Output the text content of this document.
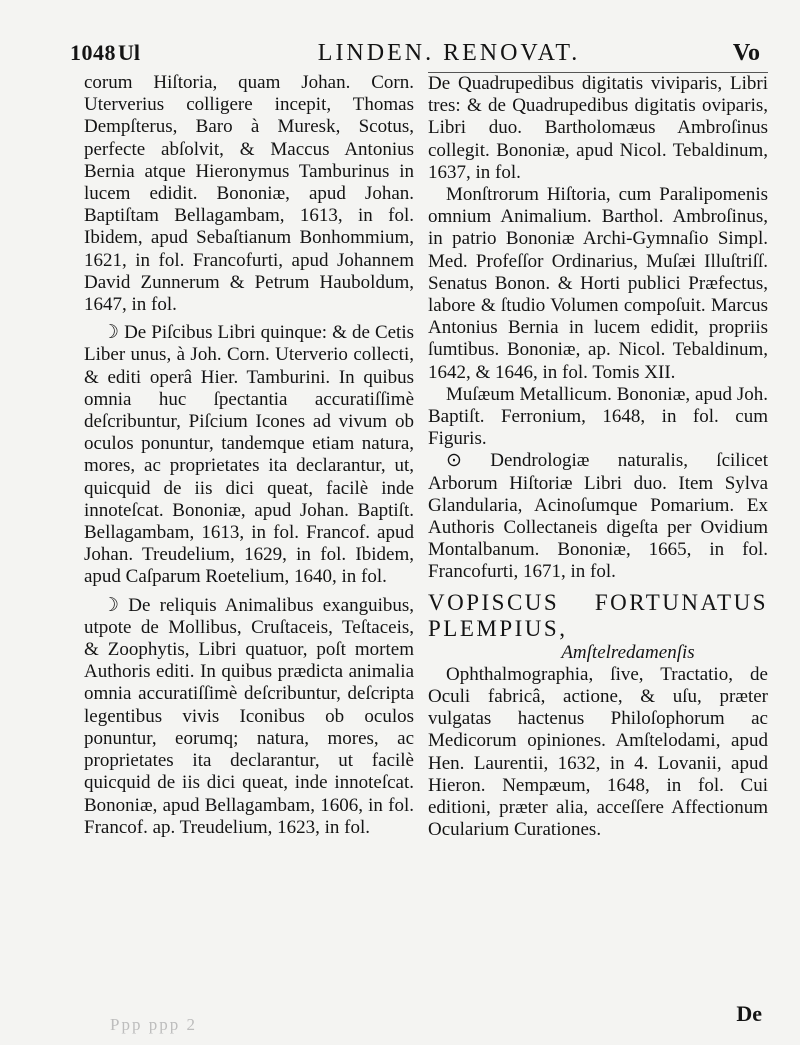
1048 Ul	LINDEN. RENOVAT.	Vo

corum Hiſtoria, quam Johan. Corn. Uterverius colligere incepit, Thomas Dempſterus, Baro à Muresk, Scotus, perfecte abſolvit, & Maccus Antonius Bernia atque Hieronymus Tamburinus in lucem edidit. Bononiæ, apud Johan. Baptiſtam Bellagambam, 1613, in fol. Ibidem, apud Sebaſtianum Bonhommium, 1621, in fol. Francofurti, apud Johannem David Zunnerum & Petrum Hauboldum, 1647, in fol.

☽ De Piſcibus Libri quinque: & de Cetis Liber unus, à Joh. Corn. Uterverio collecti, & editi operâ Hier. Tamburini. In quibus omnia huc ſpectantia accuratiſſimè deſcribuntur, Piſcium Icones ad vivum ob oculos ponuntur, tandemque etiam natura, mores, ac proprietates ita declarantur, ut, quicquid de iis dici queat, facilè inde innoteſcat. Bononiæ, apud Johan. Baptiſt. Bellagambam, 1613, in fol. Francof. apud Johan. Treudelium, 1629, in fol. Ibidem, apud Caſparum Roetelium, 1640, in fol.

☽ De reliquis Animalibus exanguibus, utpote de Mollibus, Cruſtaceis, Teſtaceis, & Zoophytis, Libri quatuor, poſt mortem Authoris editi. In quibus prædicta animalia omnia accuratiſſimè deſcribuntur, deſcripta legentibus vivis Iconibus ob oculos ponuntur, eorumq; natura, mores, ac proprietates ita declarantur, ut facilè quicquid de iis dici queat, inde innoteſcat. Bononiæ, apud Bellagambam, 1606, in fol. Francof. ap. Treudelium, 1623, in fol.

De Quadrupedibus digitatis viviparis, Libri tres: & de Quadrupedibus digitatis oviparis, Libri duo. Bartholomæus Ambroſinus collegit. Bononiæ, apud Nicol. Tebaldinum, 1637, in fol.

Monſtrorum Hiſtoria, cum Paralipomenis omnium Animalium. Barthol. Ambroſinus, in patrio Bononiæ Archi-Gymnaſio Simpl. Med. Profeſſor Ordinarius, Muſæi Illuſtriſſ. Senatus Bonon. & Horti publici Præfectus, labore & ſtudio Volumen compoſuit. Marcus Antonius Bernia in lucem edidit, propriis ſumtibus. Bononiæ, ap. Nicol. Tebaldinum, 1642, & 1646, in fol. Tomis XII.

Muſæum Metallicum. Bononiæ, apud Joh. Baptiſt. Ferronium, 1648, in fol. cum Figuris.

⊙ Dendrologiæ naturalis, ſcilicet Arborum Hiſtoriæ Libri duo. Item Sylva Glandularia, Acinoſumque Pomarium. Ex Authoris Collectaneis digeſta per Ovidium Montalbanum. Bononiæ, 1665, in fol. Francofurti, 1671, in fol.

VOPISCUS FORTUNATUS PLEMPIUS,
Amſtelredamenſis

Ophthalmographia, ſive, Tractatio, de Oculi fabricâ, actione, & uſu, præter vulgatas hactenus Philoſophorum ac Medicorum opiniones. Amſtelodami, apud Hen. Laurentii, 1632, in 4. Lovanii, apud Hieron. Nempæum, 1648, in fol. Cui editioni, præter alia, acceſſere Affectionum Ocularium Curationes.

De
Ppp ppp 2
